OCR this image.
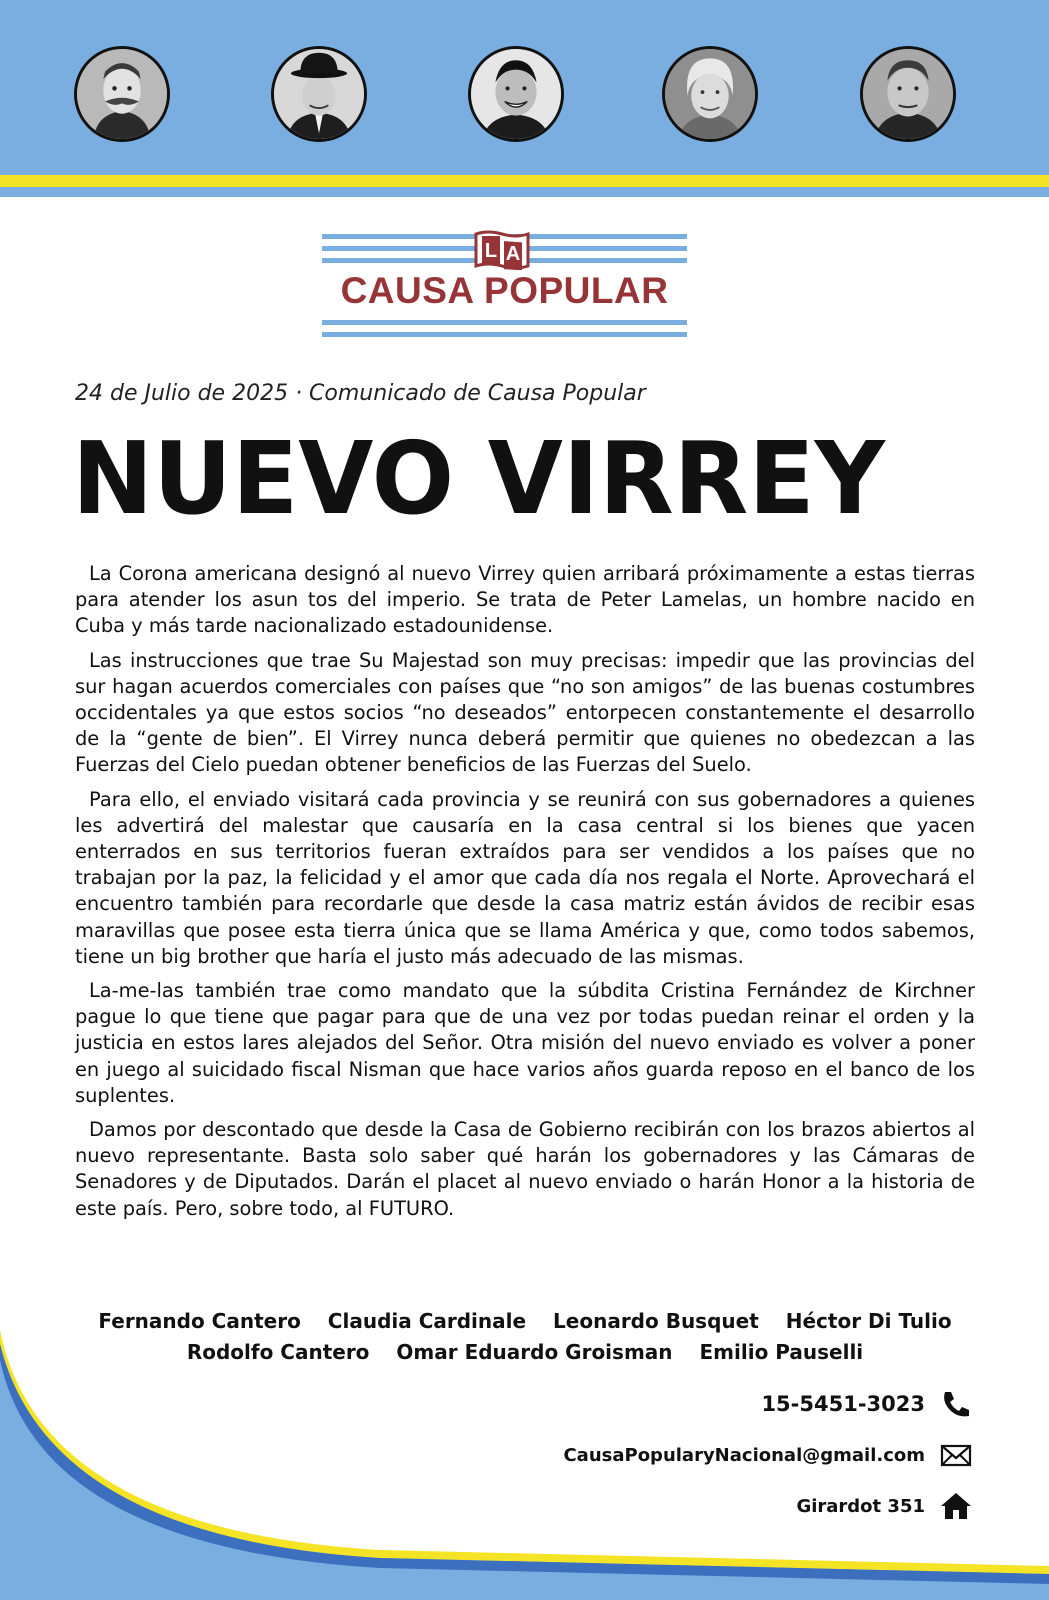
L A
CAUSA POPULAR
24 de Julio de 2025 · Comunicado de Causa Popular
NUEVO VIRREY

La Corona americana designó al nuevo Virrey quien arribará próximamente a estas tierras para atender los asun tos del imperio. Se trata de Peter Lamelas, un hombre nacido en Cuba y más tarde nacionalizado estadounidense.

Las instrucciones que trae Su Majestad son muy precisas: impedir que las provincias del sur hagan acuerdos comerciales con países que “no son amigos” de las buenas costumbres occidentales ya que estos socios “no deseados” entorpecen constantemente el desarrollo de la “gente de bien”. El Virrey nunca deberá permitir que quienes no obedezcan a las Fuerzas del Cielo puedan obtener beneficios de las Fuerzas del Suelo.

Para ello, el enviado visitará cada provincia y se reunirá con sus gobernadores a quienes les advertirá del malestar que causaría en la casa central si los bienes que yacen enterrados en sus territorios fueran extraídos para ser vendidos a los países que no trabajan por la paz, la felicidad y el amor que cada día nos regala el Norte. Aprovechará el encuentro también para recordarle que desde la casa matriz están ávidos de recibir esas maravillas que posee esta tierra única que se llama América y que, como todos sabemos, tiene un big brother que haría el justo más adecuado de las mismas.

La-me-las también trae como mandato que la súbdita Cristina Fernández de Kirchner pague lo que tiene que pagar para que de una vez por todas puedan reinar el orden y la justicia en estos lares alejados del Señor. Otra misión del nuevo enviado es volver a poner en juego al suicidado fiscal Nisman que hace varios años guarda reposo en el banco de los suplentes.

Damos por descontado que desde la Casa de Gobierno recibirán con los brazos abiertos al nuevo representante. Basta solo saber qué harán los gobernadores y las Cámaras de Senadores y de Diputados. Darán el placet al nuevo enviado o harán Honor a la historia de este país. Pero, sobre todo, al FUTURO.

Fernando Cantero Claudia Cardinale Leonardo Busquet Héctor Di Tulio
Rodolfo Cantero Omar Eduardo Groisman Emilio Pauselli
15-5451-3023
CausaPopularyNacional@gmail.com
Girardot 351
